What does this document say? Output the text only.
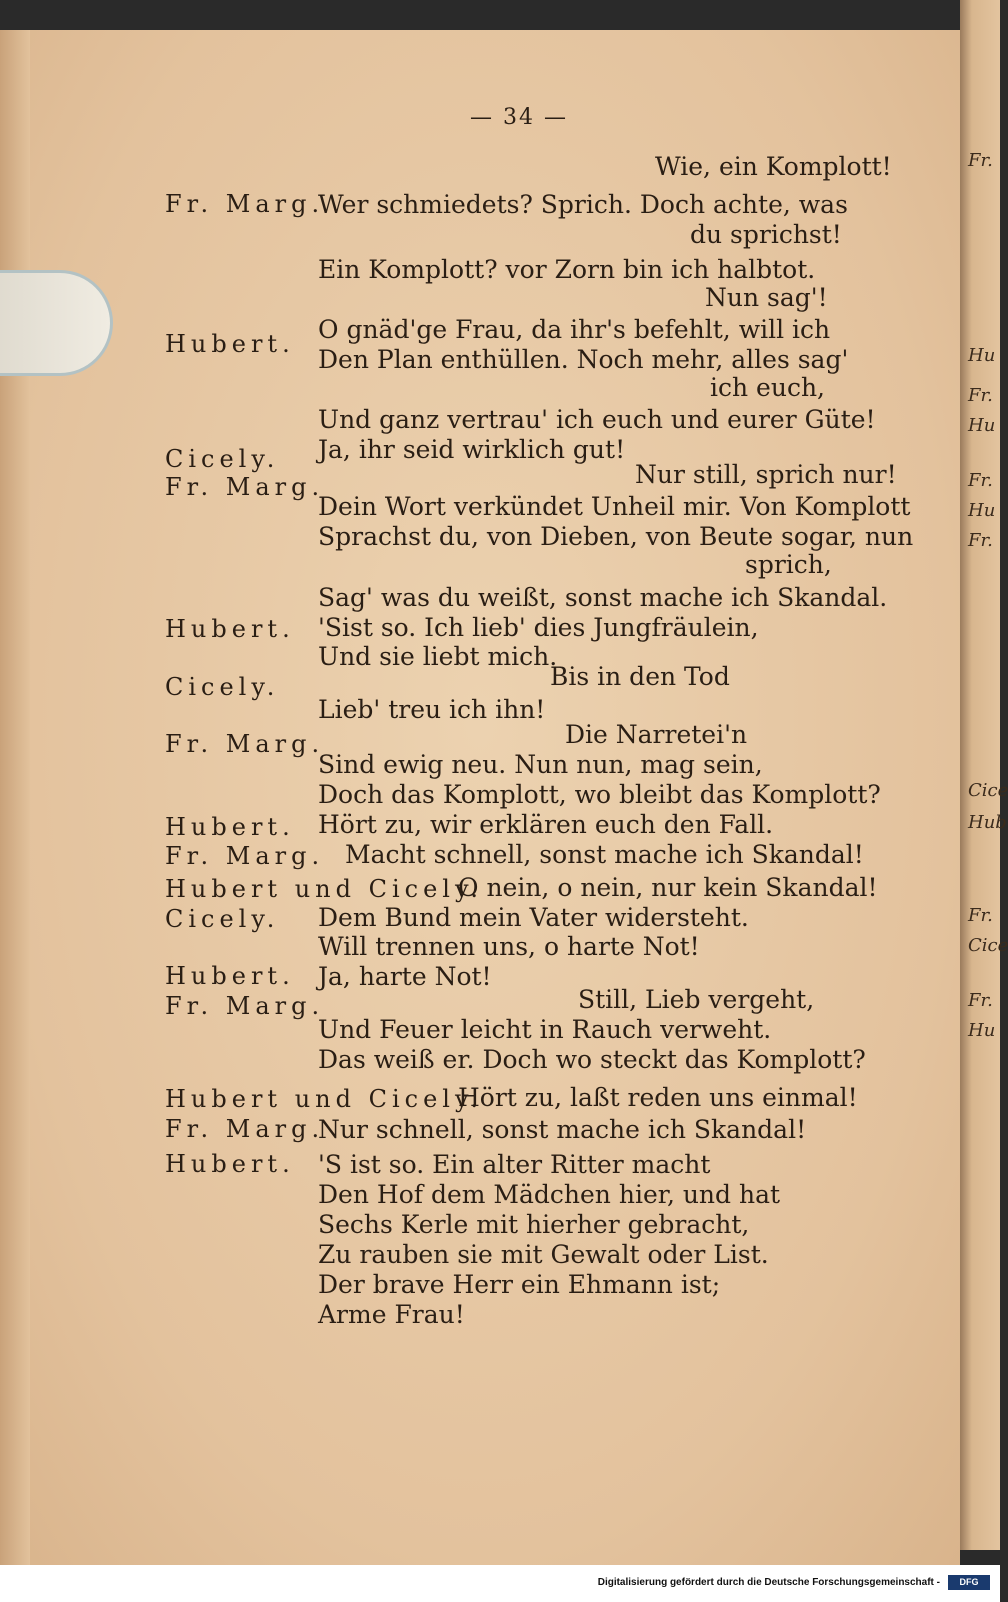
— 34 —
Fr. Marg.
Hubert.
Cicely.
Fr. Marg.
Hubert.
Cicely.
Fr. Marg.
Hubert.
Fr. Marg.
Hubert und Cicely.
Cicely.
Hubert.
Fr. Marg.
Hubert und Cicely.
Fr. Marg.
Hubert.
Wie, ein Komplott!
Wer schmiedets? Sprich. Doch achte, was
du sprichst!
Ein Komplott? vor Zorn bin ich halbtot.
Nun sag'!
O gnäd'ge Frau, da ihr's befehlt, will ich
Den Plan enthüllen. Noch mehr, alles sag'
ich euch,
Und ganz vertrau' ich euch und eurer Güte!
Ja, ihr seid wirklich gut!
Nur still, sprich nur!
Dein Wort verkündet Unheil mir. Von Komplott
Sprachst du, von Dieben, von Beute sogar, nun
sprich,
Sag' was du weißt, sonst mache ich Skandal.
'Sist so. Ich lieb' dies Jungfräulein,
Und sie liebt mich.
Bis in den Tod
Lieb' treu ich ihn!
Die Narretei'n
Sind ewig neu. Nun nun, mag sein,
Doch das Komplott, wo bleibt das Komplott?
Hört zu, wir erklären euch den Fall.
Macht schnell, sonst mache ich Skandal!
O nein, o nein, nur kein Skandal!
Dem Bund mein Vater widersteht.
Will trennen uns, o harte Not!
Ja, harte Not!
Still, Lieb vergeht,
Und Feuer leicht in Rauch verweht.
Das weiß er. Doch wo steckt das Komplott?
Hört zu, laßt reden uns einmal!
Nur schnell, sonst mache ich Skandal!
'S ist so. Ein alter Ritter macht
Den Hof dem Mädchen hier, und hat
Sechs Kerle mit hierher gebracht,
Zu rauben sie mit Gewalt oder List.
Der brave Herr ein Ehmann ist;
Arme Frau!
Fr.
Hu
Fr.
Hu
Fr.
Hu
Fr.
Cice
Hub
Fr.
Cice
Fr.
Hu
Digitalisierung gefördert durch die Deutsche Forschungsgemeinschaft -	DFG
